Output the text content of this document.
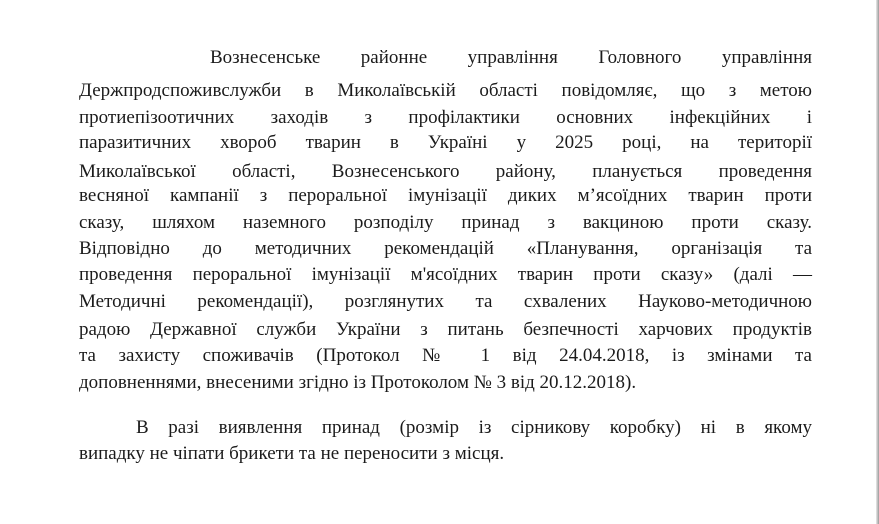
Вознесенське районне управління Головного управління
Держпродспоживслужби в Миколаївській області повідомляє, що з метою
протиепізоотичних заходів з профілактики основних інфекційних і
паразитичних хвороб тварин в Україні у 2025 році, на території
Миколаївської області, Вознесенського району, планується проведення
весняної кампанії з пероральної імунізації диких м’ясоїдних тварин проти
сказу, шляхом наземного розподілу принад з вакциною проти сказу.
Відповідно до методичних рекомендацій «Планування, організація та
проведення пероральної імунізації м'ясоїдних тварин проти сказу» (далі —
Методичні рекомендації), розглянутих та схвалених Науково-методичною
радою Державної служби України з питань безпечності харчових продуктів
та захисту споживачів (Протокол № 1 від 24.04.2018, із змінами та
доповненнями, внесеними згідно із Протоколом № 3 від 20.12.2018).
В разі виявлення принад (розмір із сірникову коробку) ні в якому
випадку не чіпати брикети та не переносити з місця.
